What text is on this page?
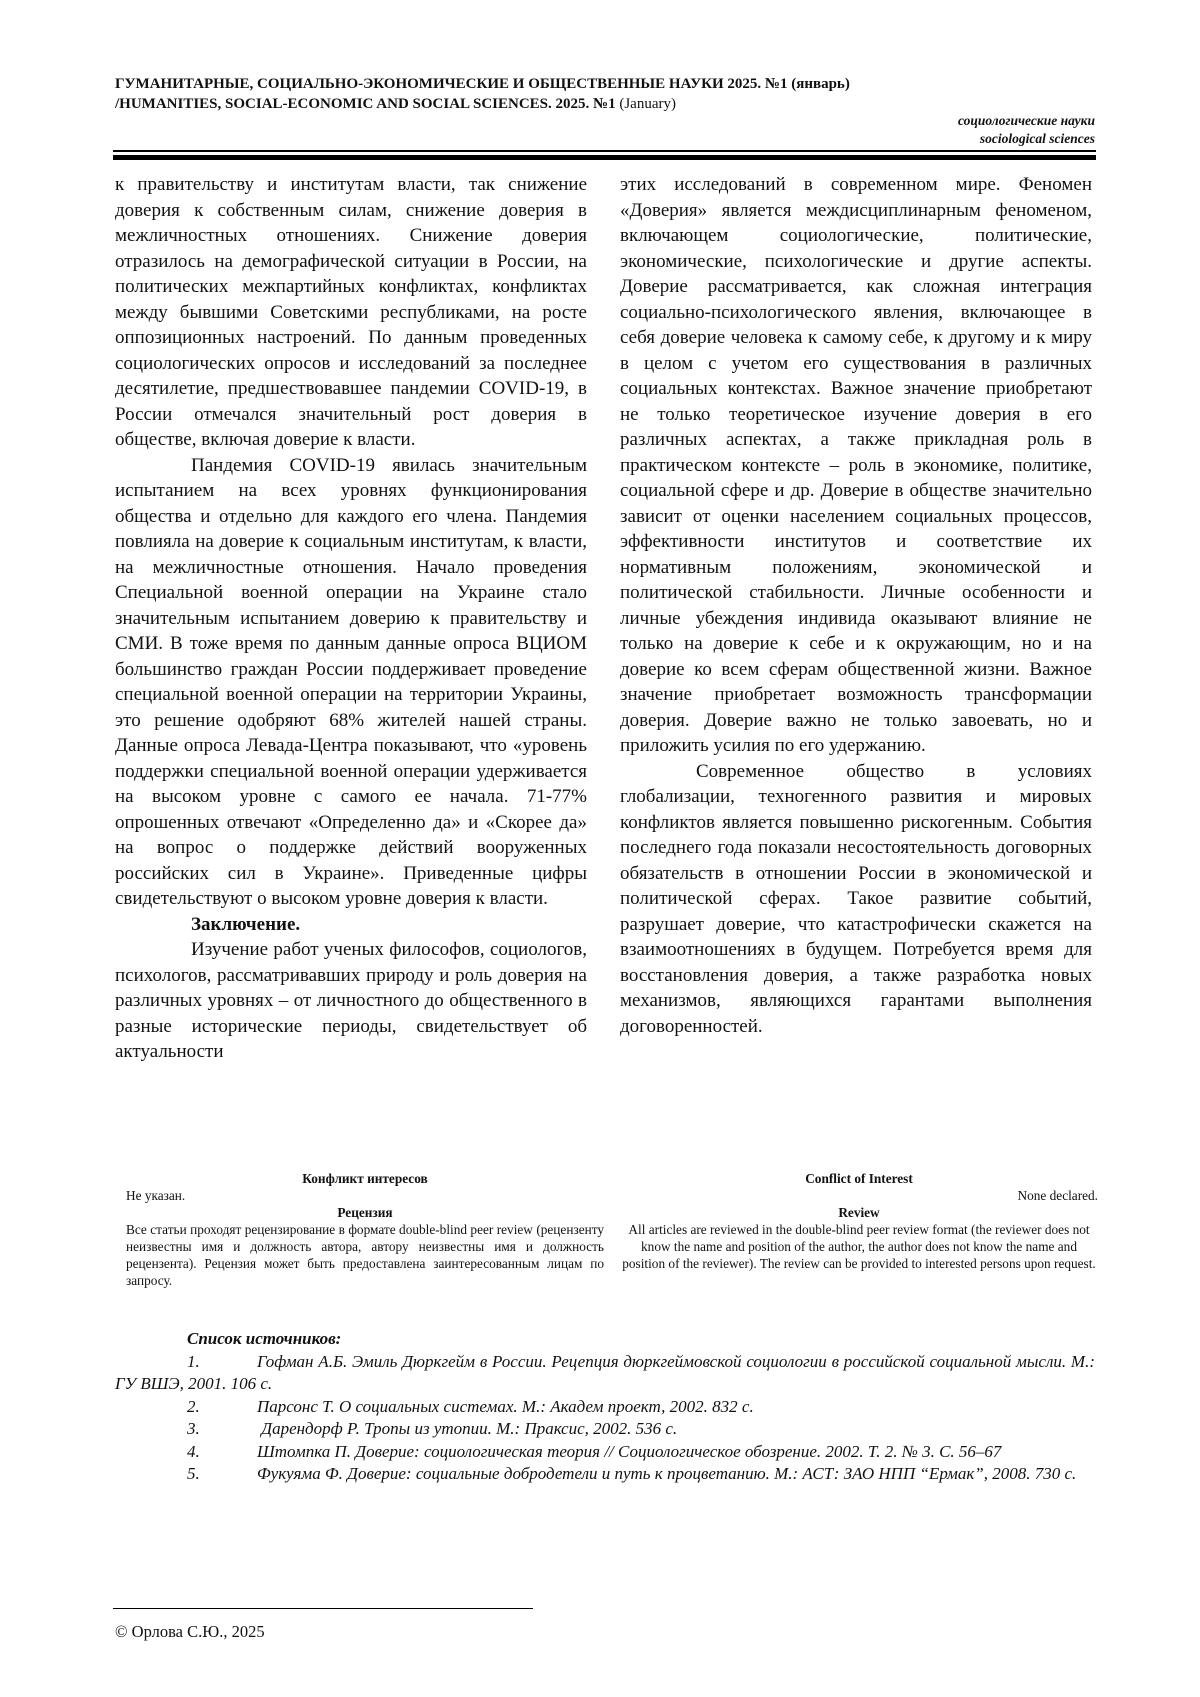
ГУМАНИТАРНЫЕ, СОЦИАЛЬНО-ЭКОНОМИЧЕСКИЕ И ОБЩЕСТВЕННЫЕ НАУКИ 2025. №1 (январь)
/HUMANITIES, SOCIAL-ECONOMIC AND SOCIAL SCIENCES. 2025. №1 (January)
социологические науки
sociological sciences

к правительству и институтам власти, так снижение доверия к собственным силам, снижение доверия в межличностных отношениях. Снижение доверия отразилось на демографической ситуации в России, на политических межпартийных конфликтах, конфликтах между бывшими Советскими республиками, на росте оппозиционных настроений. По данным проведенных социологических опросов и исследований за последнее десятилетие, предшествовавшее пандемии COVID-19, в России отмечался значительный рост доверия в обществе, включая доверие к власти.

Пандемия COVID-19 явилась значительным испытанием на всех уровнях функционирования общества и отдельно для каждого его члена. Пандемия повлияла на доверие к социальным институтам, к власти, на межличностные отношения. Начало проведения Специальной военной операции на Украине стало значительным испытанием доверию к правительству и СМИ. В тоже время по данным данные опроса ВЦИОМ большинство граждан России поддерживает проведение специальной военной операции на территории Украины, это решение одобряют 68% жителей нашей страны. Данные опроса Левада-Центра показывают, что «уровень поддержки специальной военной операции удерживается на высоком уровне с самого ее начала. 71-77% опрошенных отвечают «Определенно да» и «Скорее да» на вопрос о поддержке действий вооруженных российских сил в Украине». Приведенные цифры свидетельствуют о высоком уровне доверия к власти.

Заключение.

Изучение работ ученых философов, социологов, психологов, рассматривавших природу и роль доверия на различных уровнях – от личностного до общественного в разные исторические периоды, свидетельствует об актуальности

этих исследований в современном мире. Феномен «Доверия» является междисциплинарным феноменом, включающем социологические, политические, экономические, психологические и другие аспекты. Доверие рассматривается, как сложная интеграция социально-психологического явления, включающее в себя доверие человека к самому себе, к другому и к миру в целом с учетом его существования в различных социальных контекстах. Важное значение приобретают не только теоретическое изучение доверия в его различных аспектах, а также прикладная роль в практическом контексте – роль в экономике, политике, социальной сфере и др. Доверие в обществе значительно зависит от оценки населением социальных процессов, эффективности институтов и соответствие их нормативным положениям, экономической и политической стабильности. Личные особенности и личные убеждения индивида оказывают влияние не только на доверие к себе и к окружающим, но и на доверие ко всем сферам общественной жизни. Важное значение приобретает возможность трансформации доверия. Доверие важно не только завоевать, но и приложить усилия по его удержанию.

Современное общество в условиях глобализации, техногенного развития и мировых конфликтов является повышенно рискогенным. События последнего года показали несостоятельность договорных обязательств в отношении России в экономической и политической сферах. Такое развитие событий, разрушает доверие, что катастрофически скажется на взаимоотношениях в будущем. Потребуется время для восстановления доверия, а также разработка новых механизмов, являющихся гарантами выполнения договоренностей.

Конфликт интересов
Не указан.
Рецензия
Все статьи проходят рецензирование в формате double-blind peer review (рецензенту неизвестны имя и должность автора, автору неизвестны имя и должность рецензента). Рецензия может быть предоставлена заинтересованным лицам по запросу.
Conflict of Interest
None declared.
Review
All articles are reviewed in the double-blind peer review format (the reviewer does not know the name and position of the author, the author does not know the name and position of the reviewer). The review can be provided to interested persons upon request.
Список источников:
1.	Гофман А.Б. Эмиль Дюркгейм в России. Рецепция дюркгеймовской социологии в российской социальной мысли. М.: ГУ ВШЭ, 2001. 106 с.
2.	Парсонс Т. О социальных системах. М.: Академ проект, 2002. 832 с.
3.	Дарендорф Р. Тропы из утопии. М.: Праксис, 2002. 536 с.
4.	Штомпка П. Доверие: социологическая теория // Социологическое обозрение. 2002. Т. 2. № 3. С. 56–67
5.	Фукуяма Ф. Доверие: социальные добродетели и путь к процветанию. М.: АСТ: ЗАО НПП “Ермак”, 2008. 730 с.
© Орлова С.Ю., 2025
